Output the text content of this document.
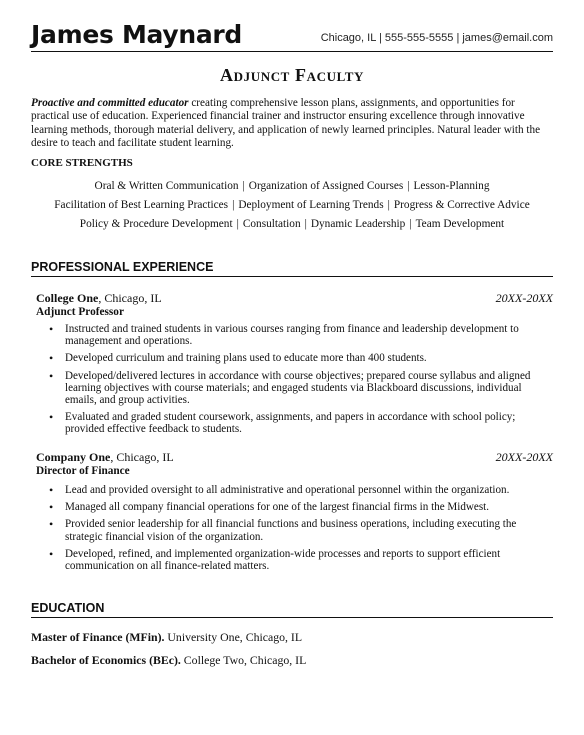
James Maynard	Chicago, IL | 555-555-5555 | james@email.com
Adjunct Faculty
Proactive and committed educator creating comprehensive lesson plans, assignments, and opportunities for
practical use of education. Experienced financial trainer and instructor ensuring excellence through innovative
learning methods, thorough material delivery, and application of newly learned principles. Natural leader with the
desire to teach and facilitate student learning.
CORE STRENGTHS
Oral & Written Communication | Organization of Assigned Courses | Lesson-Planning
Facilitation of Best Learning Practices | Deployment of Learning Trends | Progress & Corrective Advice
Policy & Procedure Development | Consultation | Dynamic Leadership | Team Development
PROFESSIONAL EXPERIENCE
College One, Chicago, IL	20XX-20XX
Adjunct Professor
• Instructed and trained students in various courses ranging from finance and leadership development to management and operations.
• Developed curriculum and training plans used to educate more than 400 students.
• Developed/delivered lectures in accordance with course objectives; prepared course syllabus and aligned learning objectives with course materials; and engaged students via Blackboard discussions, individual emails, and group activities.
• Evaluated and graded student coursework, assignments, and papers in accordance with school policy; provided effective feedback to students.
Company One, Chicago, IL	20XX-20XX
Director of Finance
• Lead and provided oversight to all administrative and operational personnel within the organization.
• Managed all company financial operations for one of the largest financial firms in the Midwest.
• Provided senior leadership for all financial functions and business operations, including executing the strategic financial vision of the organization.
• Developed, refined, and implemented organization-wide processes and reports to support efficient communication on all finance-related matters.
EDUCATION
Master of Finance (MFin). University One, Chicago, IL
Bachelor of Economics (BEc). College Two, Chicago, IL
